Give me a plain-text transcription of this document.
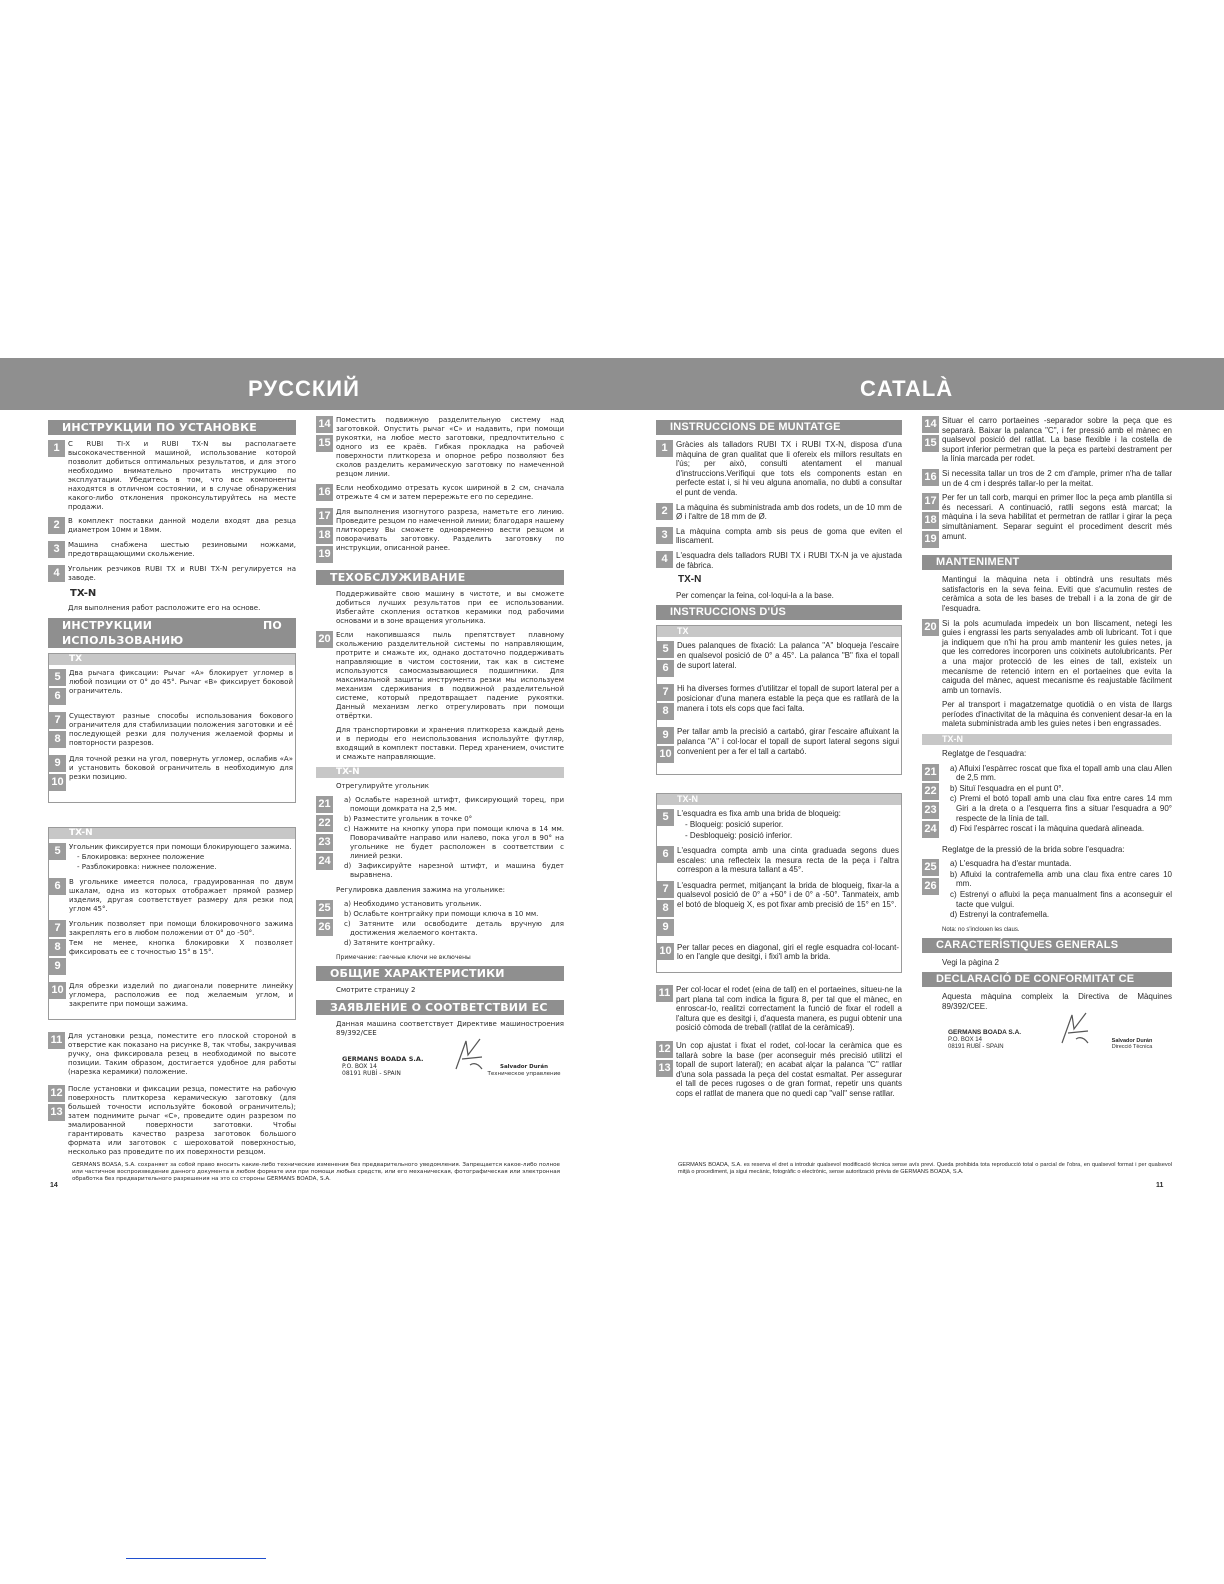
РУССКИЙ	CATALÀ
ИНСТРУКЦИИ ПО УСТАНОВКЕ
1	С RUBI TI-X и RUBI TX-N вы располагаете высококачественной машиной, использование которой позволит добиться оптимальных результатов, и для этого необходимо внимательно прочитать инструкцию по эксплуатации. Убедитесь в том, что все компоненты находятся в отличном состоянии, и в случае обнаружения какого-либо отклонения проконсультируйтесь на месте продажи.
2	В комплект поставки данной модели входят два резца диаметром 10мм и 18мм.
3	Машина снабжена шестью резиновыми ножками, предотвращающими скольжение.
4	Угольник резчиков RUBI TX и RUBI TX-N регулируется на заводе.
TX-N
Для выполнения работ расположите его на основе.
ИНСТРУКЦИИ ПО ИСПОЛЬЗОВАНИЮ
TX
5
6
Два рычага фиксации: Рычаг «А» блокирует угломер в любой позиции от 0° до 45°. Рычаг «В» фиксирует боковой ограничитель.
7
8
Существуют разные способы использования бокового ограничителя для стабилизации положения заготовки и её последующей резки для получения желаемой формы и повторности разрезов.
9
10
Для точной резки на угол, повернуть угломер, ослабив «А» и установить боковой ограничитель в необходимую для резки позицию.
TX-N
5	Угольник фиксируется при помощи блокирующего зажима.
- Блокировка: верхнее положение
- Разблокировка: нижнее положение.
6	В угольнике имеется полоса, градуированная по двум шкалам, одна из которых отображает прямой размер изделия, другая соответствует размеру для резки под углом 45°.
7
8
9
Угольник позволяет при помощи блокировочного зажима закреплять его в любом положении от 0° до -50°.
Тем не менее, кнопка блокировки Х позволяет фиксировать ее с точностью 15° в 15°.
10 Для обрезки изделий по диагонали поверните линейку угломера, расположив ее под желаемым углом, и закрепите при помощи зажима.
11 Для установки резца, поместите его плоской стороной в отверстие как показано на рисунке 8, так чтобы, закручивая ручку, она фиксировала резец в необходимой по высоте позиции. Таким образом, достигается удобное для работы (нарезка керамики) положение.
12
13
После установки и фиксации резца, поместите на рабочую поверхность плиткореза керамическую заготовку (для большей точности используйте боковой ограничитель); затем поднимите рычаг «С», проведите один разрезом по эмалированной поверхности заготовки. Чтобы гарантировать качество разреза заготовок большого формата или заготовок с шероховатой поверхностью, несколько раз проведите по их поверхности резцом.
14
15
Поместить подвижную разделительную систему над заготовкой. Опустить рычаг «С» и надавить, при помощи рукоятки, на любое место заготовки, предпочтительно с одного из ее краёв. Гибкая прокладка на рабочей поверхности плиткореза и опорное ребро позволяют без сколов разделить керамическую заготовку по намеченной резцом линии.
16 Если необходимо отрезать кусок шириной в 2 см, сначала отрежьте 4 см и затем перережьте его по середине.
17
18
19
Для выполнения изогнутого разреза, наметьте его линию. Проведите резцом по намеченной линии; благодаря нашему плиткорезу Вы сможете одновременно вести резцом и поворачивать заготовку. Разделить заготовку по инструкции, описанной ранее.
ТЕХОБСЛУЖИВАНИЕ
Поддерживайте свою машину в чистоте, и вы сможете добиться лучших результатов при ее использовании. Избегайте скопления остатков керамики под рабочими основами и в зоне вращения угольника.
20 Если накопившаяся пыль препятствует плавному скольжению разделительной системы по направляющим, протрите и смажьте их, однако достаточно поддерживать направляющие в чистом состоянии, так как в системе используются самосмазывающиеся подшипники. Для максимальной защиты инструмента резки мы используем механизм сдерживания в подвижной разделительной системе, который предотвращает падение рукоятки. Данный механизм легко отрегулировать при помощи отвёртки.
Для транспортировки и хранения плиткореза каждый день и в периоды его неиспользования используйте футляр, входящий в комплект поставки. Перед хранением, очистите и смажьте направляющие.
TX-N
Отрегулируйте угольник
21
22
23
24
a) Ослабьте нарезной штифт, фиксирующий торец, при помощи домкрата на 2,5 мм.
b) Разместите угольник в точке 0°
c) Нажмите на кнопку упора при помощи ключа в 14 мм. Поворачивайте направо или налево, пока угол в 90° на угольнике не будет расположен в соответствии с линией резки.
d) Зафиксируйте нарезной штифт, и машина будет выравнена.
Регулировка давления зажима на угольнике:
25
26
a) Необходимо установить угольник.
b) Ослабьте контргайку при помощи ключа в 10 мм.
c) Затяните или освободите деталь вручную для достижения желаемого контакта.
d) Затяните контргайку.
Примечание: гаечные ключи не включены
ОБЩИЕ ХАРАКТЕРИСТИКИ
Смотрите страницу 2
ЗАЯВЛЕНИЕ О СООТВЕТСТВИИ ЕС
Данная машина соответствует Директиве машиностроения 89/392/CEE
GERMANS BOADA S.A.
P.O. BOX 14
08191 RUBÍ - SPAIN
Salvador Durán
Техническое управление
INSTRUCCIONS DE MUNTATGE
1	Gràcies als talladors RUBI TX i RUBI TX-N, disposa d'una màquina de gran qualitat que li ofereix els millors resultats en l'ús; per això, consulti atentament el manual d'instruccions.Verifiqui que tots els components estan en perfecte estat i, si hi veu alguna anomalia, no dubti a consultar el punt de venda.
2	La màquina és subministrada amb dos rodets, un de 10 mm de Ø i l'altre de 18 mm de Ø.
3	La màquina compta amb sis peus de goma que eviten el lliscament.
4	L'esquadra dels talladors RUBI TX i RUBI TX-N ja ve ajustada de fàbrica.
TX-N
Per començar la feina, col·loqui-la a la base.
INSTRUCCIONS D'ÚS
TX
5
6
Dues palanques de fixació: La palanca "A" bloqueja l'escaire en qualsevol posició de 0° a 45°. La palanca "B" fixa el topall de suport lateral.
7
8
Hi ha diverses formes d'utilitzar el topall de suport lateral per a posicionar d'una manera estable la peça que es ratllarà de la manera i tots els cops que faci falta.
9
10
Per tallar amb la precisió a cartabó, girar l'escaire afluixant la palanca "A" i col·locar el topall de suport lateral segons sigui convenient per a fer el tall a cartabó.
TX-N
5	L'esquadra es fixa amb una brida de bloqueig:
- Bloqueig: posició superior.
- Desbloqueig: posició inferior.
6	L'esquadra compta amb una cinta graduada segons dues escales: una reflecteix la mesura recta de la peça i l'altra correspon a la mesura tallant a 45°.
7
8
9
L'esquadra permet, mitjançant la brida de bloqueig, fixar-la a qualsevol posició de 0° a +50° i de 0° a -50°. Tanmateix, amb el botó de bloqueig X, es pot fixar amb precisió de 15° en 15°.
10 Per tallar peces en diagonal, giri el regle esquadra col·locant-lo en l'angle que desitgi, i fixi'l amb la brida.
11 Per col·locar el rodet (eina de tall) en el portaeines, situeu-ne la part plana tal com indica la figura 8, per tal que el mànec, en enroscar-lo, realitzi correctament la funció de fixar el rodell a l'altura que es desitgi i, d'aquesta manera, es pugui obtenir una posició còmoda de treball (ratllat de la ceràmica9).
12
13
Un cop ajustat i fixat el rodet, col·locar la ceràmica que es tallarà sobre la base (per aconseguir més precisió utilitzi el topall de suport lateral); en acabat alçar la palanca "C" ratllar d'una sola passada la peça del costat esmaltat. Per assegurar el tall de peces rugoses o de gran format, repetir uns quants cops el ratllat de manera que no quedi cap "vall" sense ratllar.
14
15
Situar el carro portaeines -separador sobre la peça que es separarà. Baixar la palanca "C", i fer pressió amb el mànec en qualsevol posició del ratllat. La base flexible i la costella de suport inferior permetran que la peça es parteixi destrament per la línia marcada per rodet.
16 Si necessita tallar un tros de 2 cm d'ample, primer n'ha de tallar un de 4 cm i després tallar-lo per la meitat.
17
18
19
Per fer un tall corb, marqui en primer lloc la peça amb plantilla si és necessari. A continuació, ratlli segons està marcat; la màquina i la seva habilitat et permetran de ratllar i girar la peça simultàniament. Separar seguint el procediment descrit més amunt.
MANTENIMENT
Mantingui la màquina neta i obtindrà uns resultats més satisfactoris en la seva feina. Eviti que s'acumulin restes de ceràmica a sota de les bases de treball i a la zona de gir de l'esquadra.
20 Si la pols acumulada impedeix un bon lliscament, netegi les guies i engrassi les parts senyalades amb oli lubricant. Tot i que ja indiquem que n'hi ha prou amb mantenir les guies netes, ja que les corredores incorporen uns coixinets autolubricants. Per a una major protecció de les eines de tall, existeix un mecanisme de retenció intern en el portaeines que evita la caiguda del mànec, aquest mecanisme és reajustable fàcilment amb un tornavís.
Per al transport i magatzematge quotidià o en vista de llargs períodes d'inactivitat de la màquina és convenient desar-la en la maleta subministrada amb les guies netes i ben engrassades.
TX-N
Reglatge de l'esquadra:
21
22
23
24
a) Afluixi l'espàrrec roscat que fixa el topall amb una clau Allen de 2,5 mm.
b) Situï l'esquadra en el punt 0°.
c) Premi el botó topall amb una clau fixa entre cares 14 mm Giri a la dreta o a l'esquerra fins a situar l'esquadra a 90° respecte de la línia de tall.
d) Fixi l'espàrrec roscat i la màquina quedarà alineada.
Reglatge de la pressió de la brida sobre l'esquadra:
25
26
a) L'esquadra ha d'estar muntada.
b) Afluixi la contrafemella amb una clau fixa entre cares 10 mm.
c) Estrenyi o afluixi la peça manualment fins a aconseguir el tacte que vulgui.
d) Estrenyi la contrafemella.
Nota: no s'inclouen les claus.
CARACTERÍSTIQUES GENERALS
Vegi la pàgina 2
DECLARACIÓ DE CONFORMITAT CE
Aquesta màquina compleix la Directiva de Màquines 89/392/CEE.
GERMANS BOADA S.A.
P.O. BOX 14
08191 RUBÍ - SPAIN
Salvador Durán
Direcció Tècnica
GERMANS BOASA, S.A. сохраняет за собой право вносить какие-либо технические изменения без предварительного уведомления. Запрещается какое-либо полное или частичное воспроизведение данного документа в любом формате или при помощи любых средств, или его механическая, фотографическая или электронная обработка без предварительного разрешения на это со стороны GERMANS BOADA, S.A.
14
GERMANS BOADA, S.A. es reserva el dret a introduir qualsevol modificació tècnica sense avís previ. Queda prohibida tota reproducció total o parcial de l'obra, en qualsevol format i per qualsevol mitjà o procediment, ja sigui mecànic, fotogràfic o electrònic, sense autorització prèvia de GERMANS BOADA, S.A.
11
